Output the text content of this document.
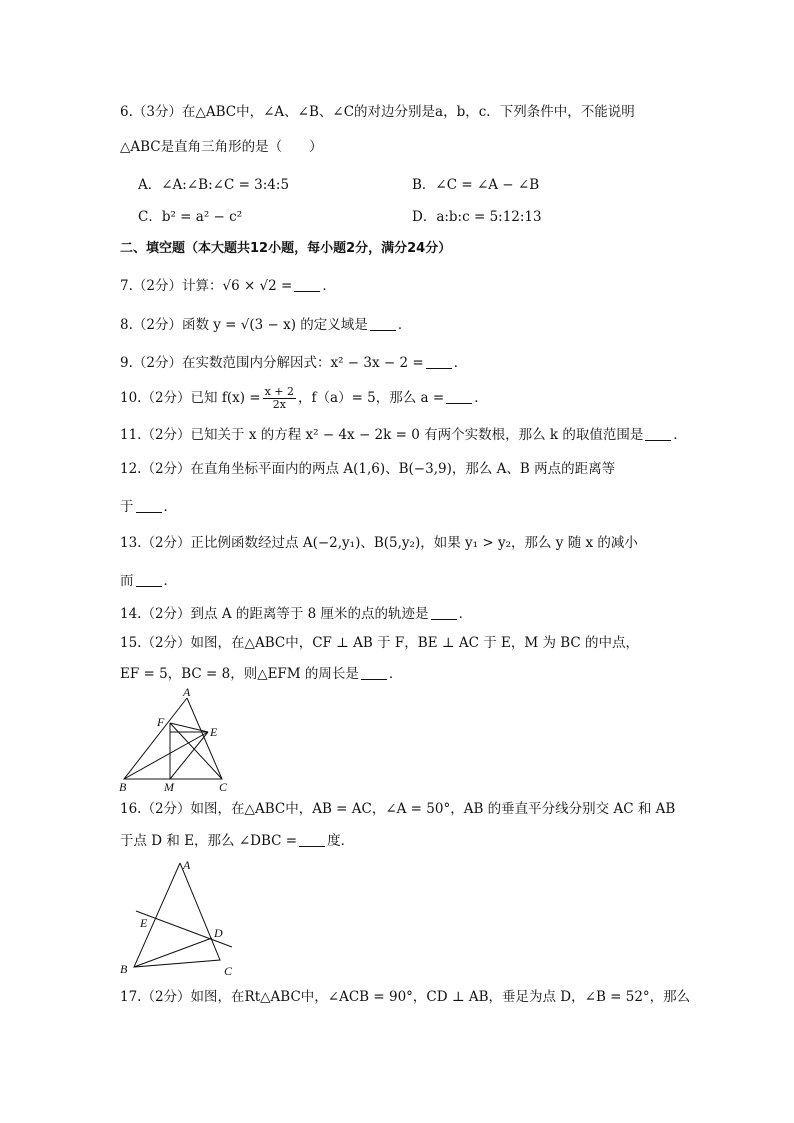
6.（3分）在△ABC中，∠A、∠B、∠C的对边分别是a，b，c．下列条件中，不能说明
△ABC是直角三角形的是（　　）
A．∠A:∠B:∠C = 3:4:5	B．∠C = ∠A − ∠B
C．b² = a² − c²	D．a:b:c = 5:12:13
二、填空题（本大题共12小题，每小题2分，满分24分）
7.（2分）计算：√6 × √2 = ．
8.（2分）函数 y = √(3 − x) 的定义域是 ．
9.（2分）在实数范围内分解因式：x² − 3x − 2 = ．
10.（2分）已知 $f(x) = \frac{x + 2}{2x}$ ，f（a）= 5，那么 a = ．
11.（2分）已知关于 x 的方程 x² − 4x − 2k = 0 有两个实数根，那么 k 的取值范围是 ．
12.（2分）在直角坐标平面内的两点 A(1,6)、B(−3,9)，那么 A、B 两点的距离等
于 ．
13.（2分）正比例函数经过点 A(−2,y₁)、B(5,y₂)，如果 y₁ > y₂，那么 y 随 x 的减小
而 ．
14.（2分）到点 A 的距离等于 8 厘米的点的轨迹是 ．
15.（2分）如图，在△ABC中，CF ⊥ AB 于 F，BE ⊥ AC 于 E，M 为 BC 的中点，
EF = 5，BC = 8，则△EFM 的周长是 ．
A
F
E
B	M	C
16.（2分）如图，在△ABC中，AB = AC，∠A = 50°，AB 的垂直平分线分别交 AC 和 AB
于点 D 和 E，那么 ∠DBC = 度．
A
E
D
B	C
17.（2分）如图，在Rt△ABC中，∠ACB = 90°，CD ⊥ AB，垂足为点 D，∠B = 52°，那么
